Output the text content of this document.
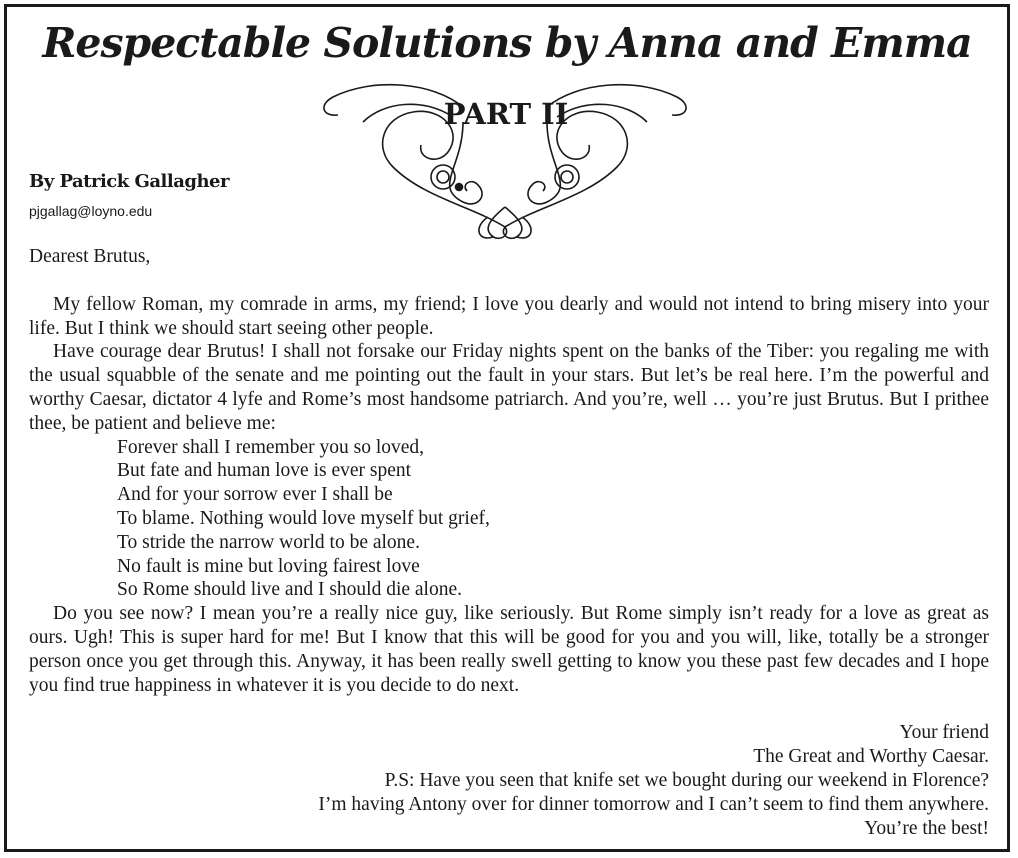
Respectable Solutions by Anna and Emma
PART II
By Patrick Gallagher
pjgallag@loyno.edu

Dearest Brutus,

My fellow Roman, my comrade in arms, my friend; I love you dearly and would not intend to bring misery into your life. But I think we should start seeing other people.

Have courage dear Brutus! I shall not forsake our Friday nights spent on the banks of the Tiber: you regaling me with the usual squabble of the senate and me pointing out the fault in your stars. But let’s be real here. I’m the powerful and worthy Caesar, dictator 4 lyfe and Rome’s most handsome patriarch. And you’re, well … you’re just Brutus. But I prithee thee, be patient and believe me:

Forever shall I remember you so loved,
But fate and human love is ever spent
And for your sorrow ever I shall be
To blame. Nothing would love myself but grief,
To stride the narrow world to be alone.
No fault is mine but loving fairest love
So Rome should live and I should die alone.

Do you see now? I mean you’re a really nice guy, like seriously. But Rome simply isn’t ready for a love as great as ours. Ugh! This is super hard for me! But I know that this will be good for you and you will, like, totally be a stronger person once you get through this. Anyway, it has been really swell getting to know you these past few decades and I hope you find true happiness in whatever it is you decide to do next.

Your friend
The Great and Worthy Caesar.
P.S: Have you seen that knife set we bought during our weekend in Florence?
I’m having Antony over for dinner tomorrow and I can’t seem to find them anywhere.
You’re the best!
